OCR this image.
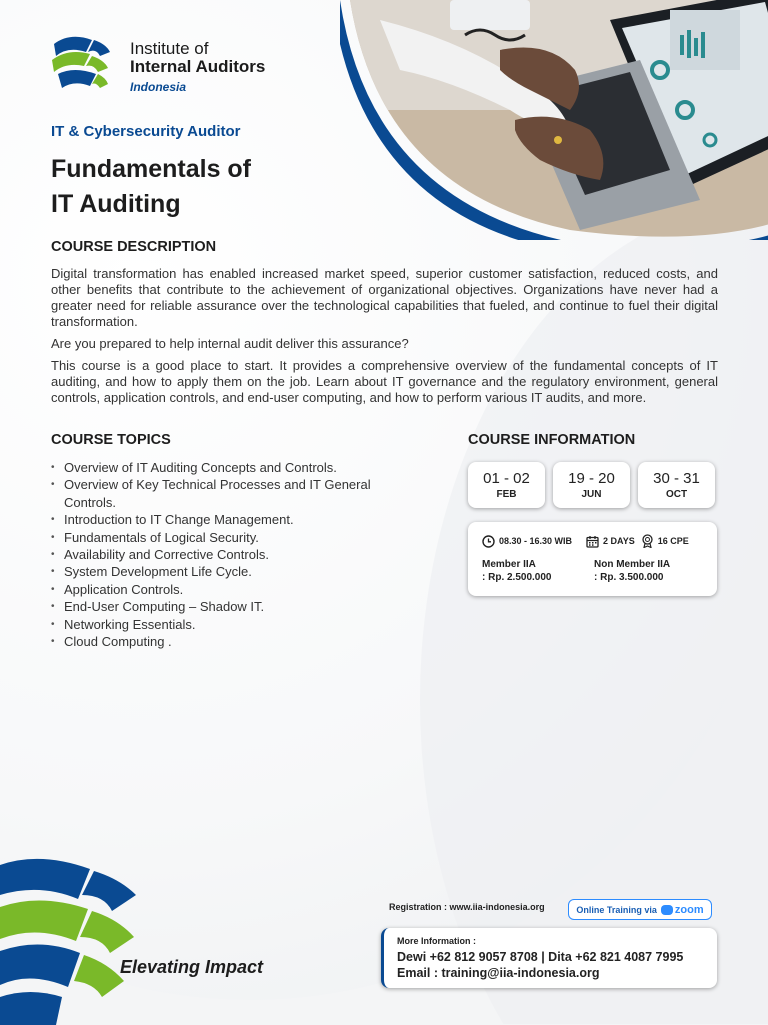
Institute of
Internal Auditors
Indonesia
IT & Cybersecurity Auditor
Fundamentals of
IT Auditing
COURSE DESCRIPTION

Digital transformation has enabled increased market speed, superior customer satisfaction, reduced costs, and other benefits that contribute to the achievement of organizational objectives. Organizations have never had a greater need for reliable assurance over the technological capabilities that fueled, and continue to fuel their digital transformation.

Are you prepared to help internal audit deliver this assurance?

This course is a good place to start. It provides a comprehensive overview of the fundamental concepts of IT auditing, and how to apply them on the job. Learn about IT governance and the regulatory environment, general controls, application controls, and end-user computing, and how to perform various IT audits, and more.

COURSE TOPICS
• Overview of IT Auditing Concepts and Controls.
• Overview of Key Technical Processes and IT General Controls.
• Introduction to IT Change Management.
• Fundamentals of Logical Security.
• Availability and Corrective Controls.
• System Development Life Cycle.
• Application Controls.
• End-User Computing – Shadow IT.
• Networking Essentials.
• Cloud Computing .
COURSE INFORMATION
01 - 02
FEB
19 - 20
JUN
30 - 31
OCT
08.30 - 16.30 WIB	2 DAYS	16 CPE
Member IIA
: Rp. 2.500.000
Non Member IIA
: Rp. 3.500.000
Elevating Impact
Registration : www.iia-indonesia.org	Online Training via zoom
More Information :
Dewi +62 812 9057 8708 | Dita +62 821 4087 7995
Email : training@iia-indonesia.org
